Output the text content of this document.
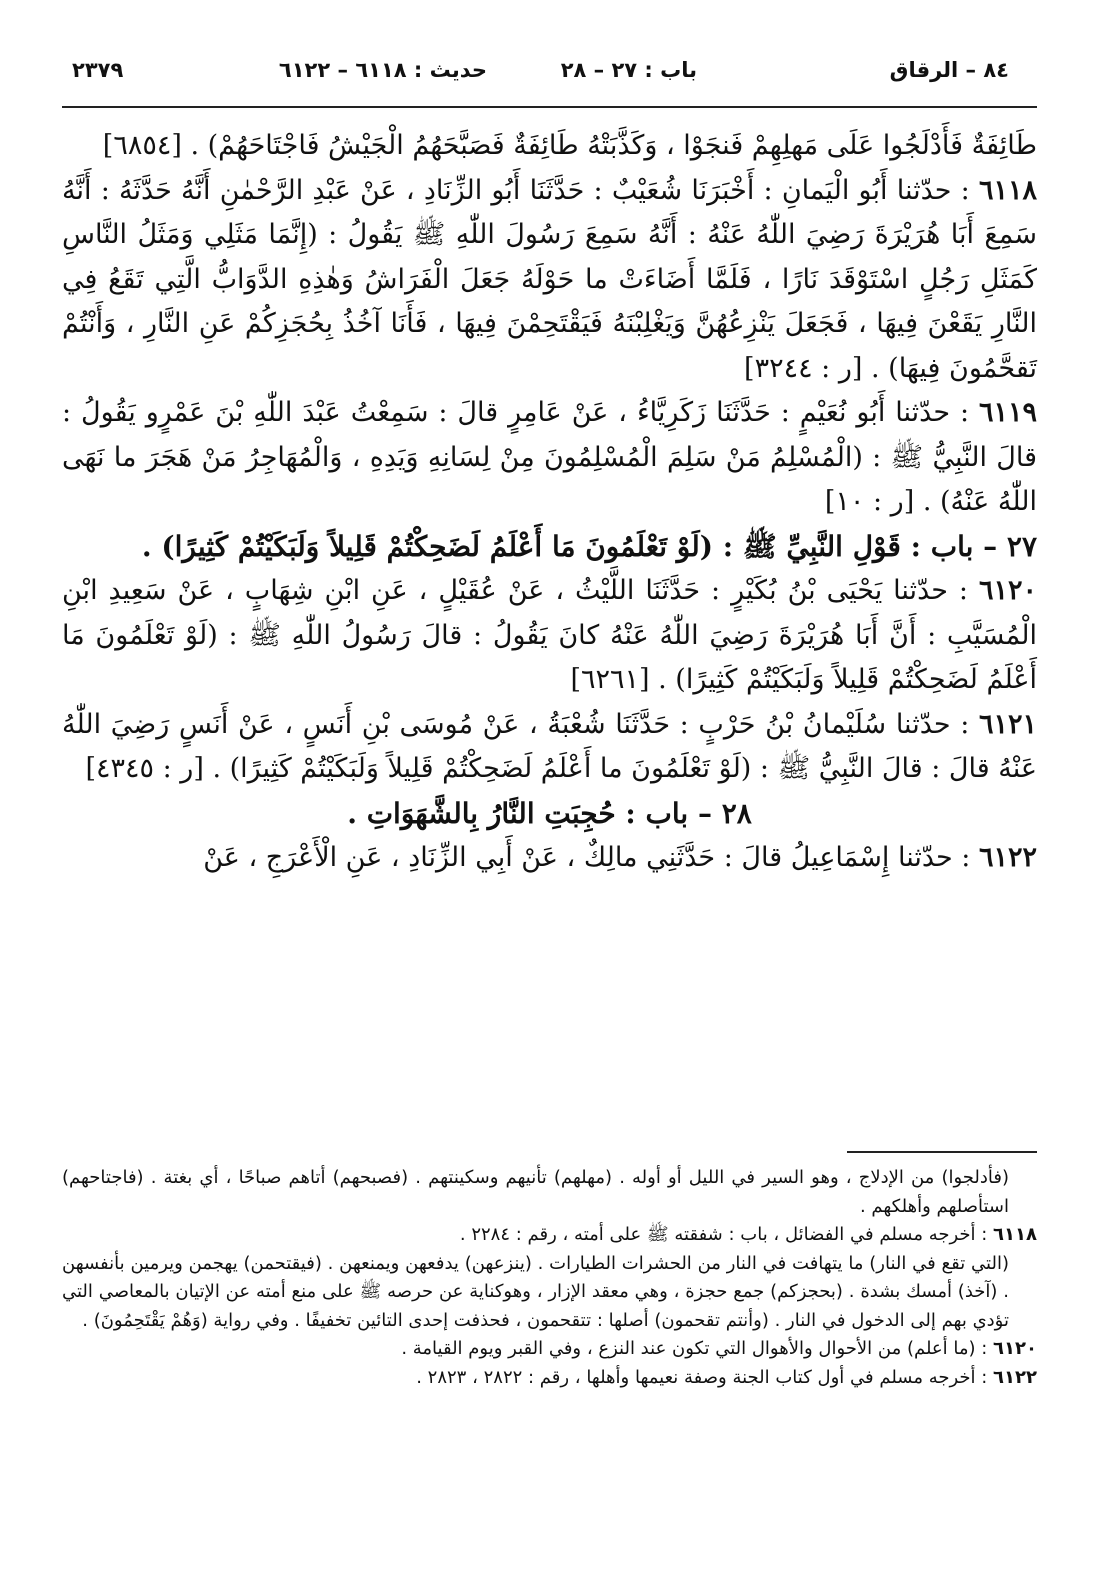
٨٤ – الرقاق
باب : ٢٧ – ٢٨
حديث : ٦١١٨ – ٦١٢٢
٢٣٧٩

طَائِفَةٌ فَأَدْلَجُوا عَلَى مَهلِهِمْ فَنجَوْا ، وَكَذَّبَتْهُ طَائِفَةٌ فَصَبَّحَهُمُ الْجَيْشُ فَاجْتَاحَهُمْ) . [٦٨٥٤]

٦١١٨ : حدّثنا أَبُو الْيَمانِ : أَخْبَرَنَا شُعَيْبٌ : حَدَّثَنَا أَبُو الزِّنَادِ ، عَنْ عَبْدِ الرَّحْمٰنِ أَنَّهُ حَدَّثَهُ : أَنَّهُ سَمِعَ أَبَا هُرَيْرَةَ رَضِيَ اللّٰهُ عَنْهُ : أَنَّهُ سَمِعَ رَسُولَ اللّٰهِ ﷺ يَقُولُ : (إِنَّمَا مَثَلِي وَمَثَلُ النَّاسِ كَمَثَلِ رَجُلٍ اسْتَوْقَدَ نَارًا ، فَلَمَّا أَضَاءَتْ ما حَوْلَهُ جَعَلَ الْفَرَاشُ وَهٰذِهِ الدَّوَابُّ الَّتِي تَقَعُ فِي النَّارِ يَقَعْنَ فِيهَا ، فَجَعَلَ يَنْزِعُهُنَّ وَيَغْلِبْنَهُ فَيَقْتَحِمْنَ فِيهَا ، فَأَنَا آخُذُ بِحُجَزِكُمْ عَنِ النَّارِ ، وَأَنْتُمْ تَقحَّمُونَ فِيهَا) . [ر : ٣٢٤٤]

٦١١٩ : حدّثنا أَبُو نُعَيْمٍ : حَدَّثَنَا زَكَرِيَّاءُ ، عَنْ عَامِرٍ قالَ : سَمِعْتُ عَبْدَ اللّٰهِ بْنَ عَمْرٍو يَقُولُ : قالَ النَّبِيُّ ﷺ : (الْمُسْلِمُ مَنْ سَلِمَ الْمُسْلِمُونَ مِنْ لِسَانِهِ وَيَدِهِ ، وَالْمُهَاجِرُ مَنْ هَجَرَ ما نَهَى اللّٰهُ عَنْهُ) . [ر : ١٠]

٢٧ – باب : قَوْلِ النَّبِيِّ ﷺ : (لَوْ تَعْلَمُونَ مَا أَعْلَمُ لَضَحِكْتُمْ قَلِيلاً وَلَبَكَيْتُمْ كَثِيرًا) .

٦١٢٠ : حدّثنا يَحْيَى بْنُ بُكَيْرٍ : حَدَّثَنَا اللَّيْثُ ، عَنْ عُقَيْلٍ ، عَنِ ابْنِ شِهَابٍ ، عَنْ سَعِيدِ ابْنِ الْمُسَيَّبِ : أَنَّ أَبَا هُرَيْرَةَ رَضِيَ اللّٰهُ عَنْهُ كانَ يَقُولُ : قالَ رَسُولُ اللّٰهِ ﷺ : (لَوْ تَعْلَمُونَ مَا أَعْلَمُ لَضَحِكْتُمْ قَلِيلاً وَلَبَكَيْتُمْ كَثِيرًا) . [٦٢٦١]

٦١٢١ : حدّثنا سُلَيْمانُ بْنُ حَرْبٍ : حَدَّثَنَا شُعْبَةُ ، عَنْ مُوسَى بْنِ أَنَسٍ ، عَنْ أَنَسٍ رَضِيَ اللّٰهُ عَنْهُ قالَ : قالَ النَّبِيُّ ﷺ : (لَوْ تَعْلَمُونَ ما أَعْلَمُ لَضَحِكْتُمْ قَلِيلاً وَلَبَكَيْتُمْ كَثِيرًا) . [ر : ٤٣٤٥]

٢٨ – باب : حُجِبَتِ النَّارُ بِالشَّهَوَاتِ .

٦١٢٢ : حدّثنا إِسْمَاعِيلُ قالَ : حَدَّثَنِي مالِكٌ ، عَنْ أَبِي الزِّنَادِ ، عَنِ الْأَعْرَجِ ، عَنْ

(فأدلجوا) من الإدلاج ، وهو السير في الليل أو أوله . (مهلهم) تأنيهم وسكينتهم . (فصبحهم) أتاهم صباحًا ، أي بغتة . (فاجتاحهم) استأصلهم وأهلكهم .

٦١١٨ : أخرجه مسلم في الفضائل ، باب : شفقته ﷺ على أمته ، رقم : ٢٢٨٤ .

(التي تقع في النار) ما يتهافت في النار من الحشرات الطيارات . (ينزعهن) يدفعهن ويمنعهن . (فيقتحمن) يهجمن ويرمين بأنفسهن . (آخذ) أمسك بشدة . (بحجزكم) جمع حجزة ، وهي معقد الإزار ، وهوكناية عن حرصه ﷺ على منع أمته عن الإتيان بالمعاصي التي تؤدي بهم إلى الدخول في النار . (وأنتم تقحمون) أصلها : تتقحمون ، فحذفت إحدى التائين تخفيفًا . وفي رواية (وَهُمْ يَقْتَحِمُونَ) .

٦١٢٠ : (ما أعلم) من الأحوال والأهوال التي تكون عند النزع ، وفي القبر ويوم القيامة .

٦١٢٢ : أخرجه مسلم في أول كتاب الجنة وصفة نعيمها وأهلها ، رقم : ٢٨٢٢ ، ٢٨٢٣ .
